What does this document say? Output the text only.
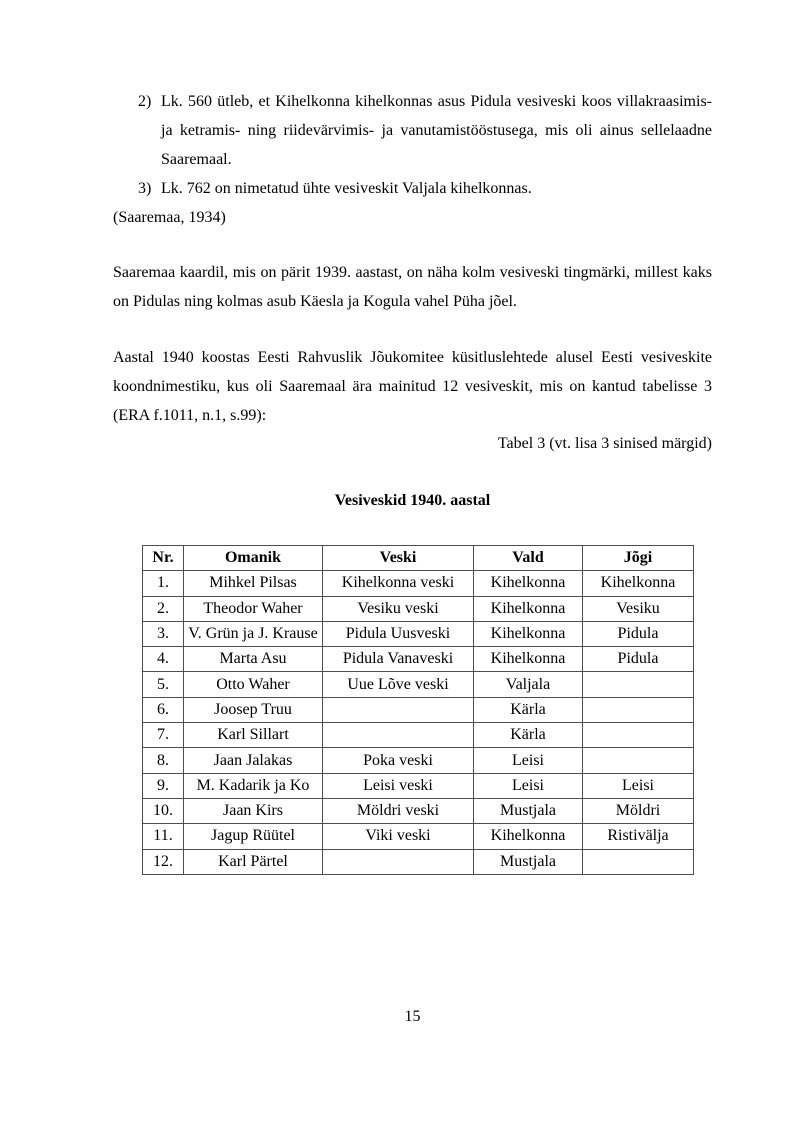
2) Lk. 560 ütleb, et Kihelkonna kihelkonnas asus Pidula vesiveski koos villakraasimis- ja ketramis- ning riidevärvimis- ja vanutamistööstusega, mis oli ainus sellelaadne Saaremaal.
3) Lk. 762 on nimetatud ühte vesiveskit Valjala kihelkonnas.
(Saaremaa, 1934)
Saaremaa kaardil, mis on pärit 1939. aastast, on näha kolm vesiveski tingmärki, millest kaks on Pidulas ning kolmas asub Käesla ja Kogula vahel Püha jõel.
Aastal 1940 koostas Eesti Rahvuslik Jõukomitee küsitluslehtede alusel Eesti vesiveskite koondnimestiku, kus oli Saaremaal ära mainitud 12 vesiveskit, mis on kantud tabelisse 3 (ERA f.1011, n.1, s.99):
Tabel 3 (vt. lisa 3 sinised märgid)
Vesiveskid 1940. aastal
Nr.	Omanik	Veski	Vald	Jõgi
1.	Mihkel Pilsas	Kihelkonna veski	Kihelkonna	Kihelkonna
2.	Theodor Waher	Vesiku veski	Kihelkonna	Vesiku
3.	V. Grün ja J. Krause	Pidula Uusveski	Kihelkonna	Pidula
4.	Marta Asu	Pidula Vanaveski	Kihelkonna	Pidula
5.	Otto Waher	Uue Lõve veski	Valjala	
6.	Joosep Truu		Kärla	
7.	Karl Sillart		Kärla	
8.	Jaan Jalakas	Poka veski	Leisi	
9.	M. Kadarik ja Ko	Leisi veski	Leisi	Leisi
10.	Jaan Kirs	Möldri veski	Mustjala	Möldri
11.	Jagup Rüütel	Viki veski	Kihelkonna	Ristivälja
12.	Karl Pärtel		Mustjala	
15
